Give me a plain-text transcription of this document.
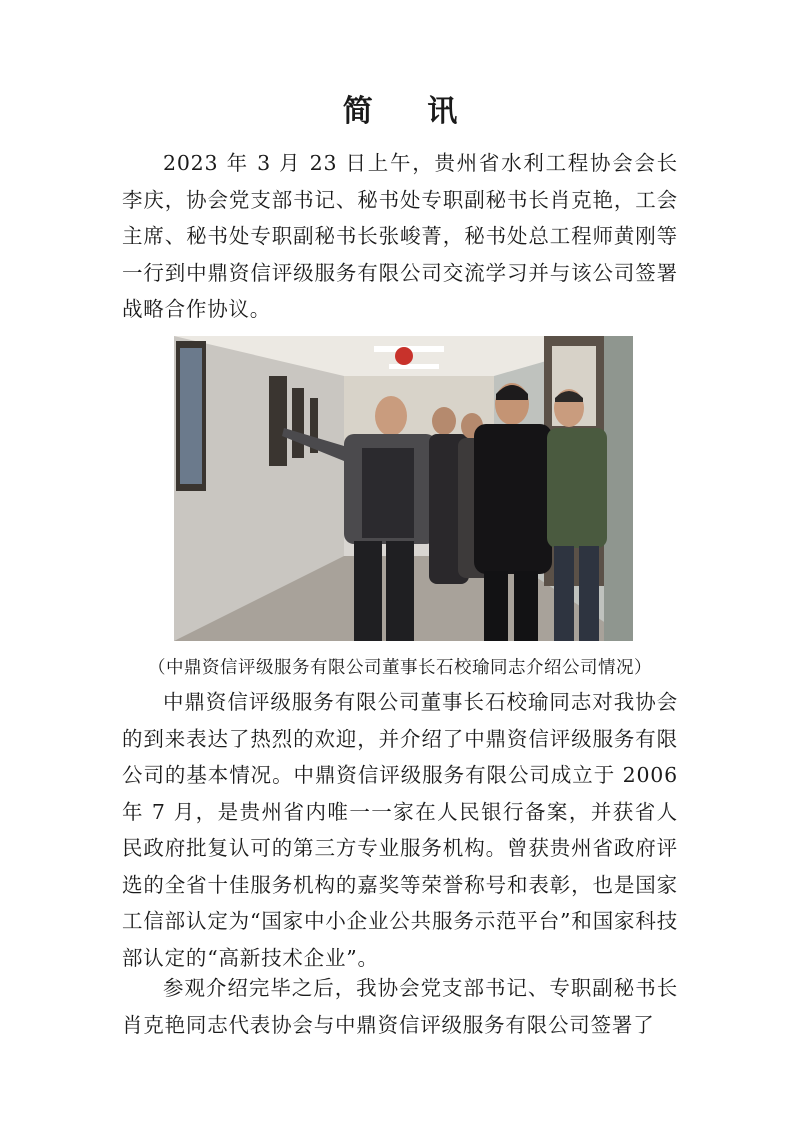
简 讯

2023 年 3 月 23 日上午，贵州省水利工程协会会长李庆，协会党支部书记、秘书处专职副秘书长肖克艳，工会主席、秘书处专职副秘书长张峻菁，秘书处总工程师黄刚等一行到中鼎资信评级服务有限公司交流学习并与该公司签署战略合作协议。

（中鼎资信评级服务有限公司董事长石校瑜同志介绍公司情况）

中鼎资信评级服务有限公司董事长石校瑜同志对我协会的到来表达了热烈的欢迎，并介绍了中鼎资信评级服务有限公司的基本情况。中鼎资信评级服务有限公司成立于 2006 年 7 月，是贵州省内唯一一家在人民银行备案，并获省人民政府批复认可的第三方专业服务机构。曾获贵州省政府评选的全省十佳服务机构的嘉奖等荣誉称号和表彰，也是国家工信部认定为“国家中小企业公共服务示范平台”和国家科技部认定的“高新技术企业”。

参观介绍完毕之后，我协会党支部书记、专职副秘书长肖克艳同志代表协会与中鼎资信评级服务有限公司签署了
